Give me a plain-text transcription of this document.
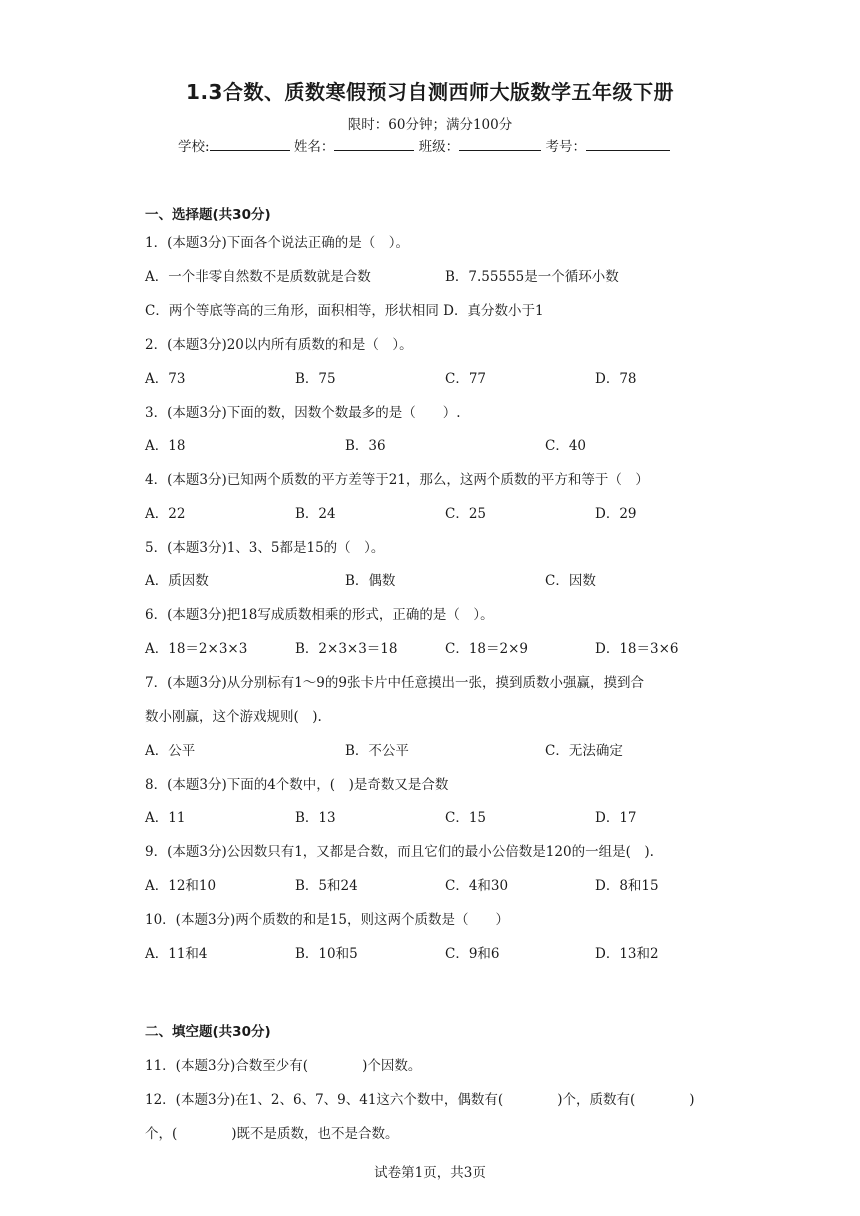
1.3合数、质数寒假预习自测西师大版数学五年级下册
限时：60分钟；满分100分
学校:	姓名：	班级：	考号：
一、选择题(共30分)
1．(本题3分)下面各个说法正确的是（　）。
A．一个非零自然数不是质数就是合数	B．7.55555是一个循环小数
C．两个等底等高的三角形，面积相等，形状相同 D．真分数小于1
2．(本题3分)20以内所有质数的和是（　）。
A．73	B．75	C．77	D．78
3．(本题3分)下面的数，因数个数最多的是（　　）.
A．18	B．36	C．40
4．(本题3分)已知两个质数的平方差等于21，那么，这两个质数的平方和等于（　）
A．22	B．24	C．25	D．29
5．(本题3分)1、3、5都是15的（　）。
A．质因数	B．偶数	C．因数
6．(本题3分)把18写成质数相乘的形式，正确的是（　）。
A．18＝2×3×3	B．2×3×3＝18	C．18＝2×9	D．18＝3×6
7．(本题3分)从分别标有1～9的9张卡片中任意摸出一张，摸到质数小强赢，摸到合
数小刚赢，这个游戏规则(　).
A．公平	B．不公平	C．无法确定
8．(本题3分)下面的4个数中，(　)是奇数又是合数
A．11	B．13	C．15	D．17
9．(本题3分)公因数只有1，又都是合数，而且它们的最小公倍数是120的一组是(　).
A．12和10	B．5和24	C．4和30	D．8和15
10．(本题3分)两个质数的和是15，则这两个质数是（　　）
A．11和4	B．10和5	C．9和6	D．13和2
二、填空题(共30分)
11．(本题3分)合数至少有(　　　　)个因数。
12．(本题3分)在1、2、6、7、9、41这六个数中，偶数有(　　　　)个，质数有(　　　　)
个，(　　　　)既不是质数，也不是合数。
试卷第1页，共3页
